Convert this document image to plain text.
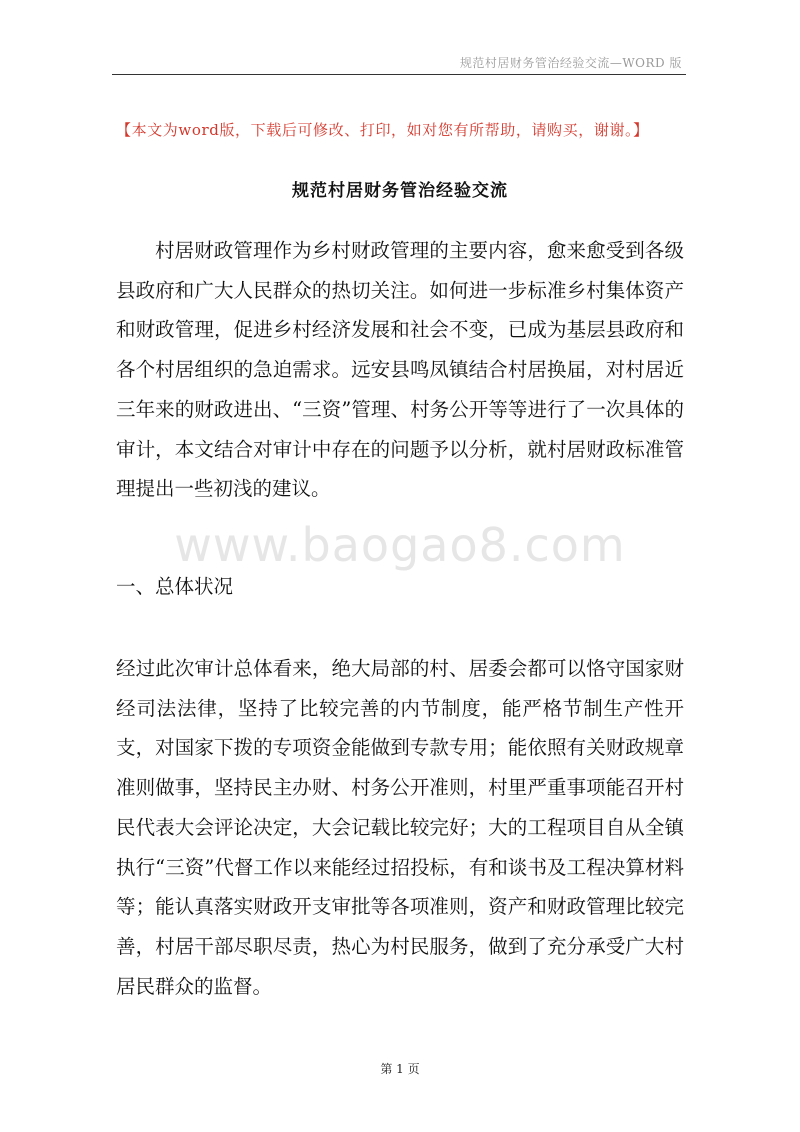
规范村居财务管治经验交流—WORD 版
【本文为word版，下载后可修改、打印，如对您有所帮助，请购买，谢谢。】
规范村居财务管治经验交流

村居财政管理作为乡村财政管理的主要内容，愈来愈受到各级县政府和广大人民群众的热切关注。如何进一步标准乡村集体资产和财政管理，促进乡村经济发展和社会不变，已成为基层县政府和各个村居组织的急迫需求。远安县鸣凤镇结合村居换届，对村居近三年来的财政进出、“三资”管理、村务公开等等进行了一次具体的审计，本文结合对审计中存在的问题予以分析，就村居财政标准管理提出一些初浅的建议。

www.baogao8.com
一、总体状况

经过此次审计总体看来，绝大局部的村、居委会都可以恪守国家财经司法法律，坚持了比较完善的内节制度，能严格节制生产性开支，对国家下拨的专项资金能做到专款专用；能依照有关财政规章准则做事，坚持民主办财、村务公开准则，村里严重事项能召开村民代表大会评论决定，大会记载比较完好；大的工程项目自从全镇执行“三资”代督工作以来能经过招投标，有和谈书及工程决算材料等；能认真落实财政开支审批等各项准则，资产和财政管理比较完善，村居干部尽职尽责，热心为村民服务，做到了充分承受广大村居民群众的监督。

第 1 页
